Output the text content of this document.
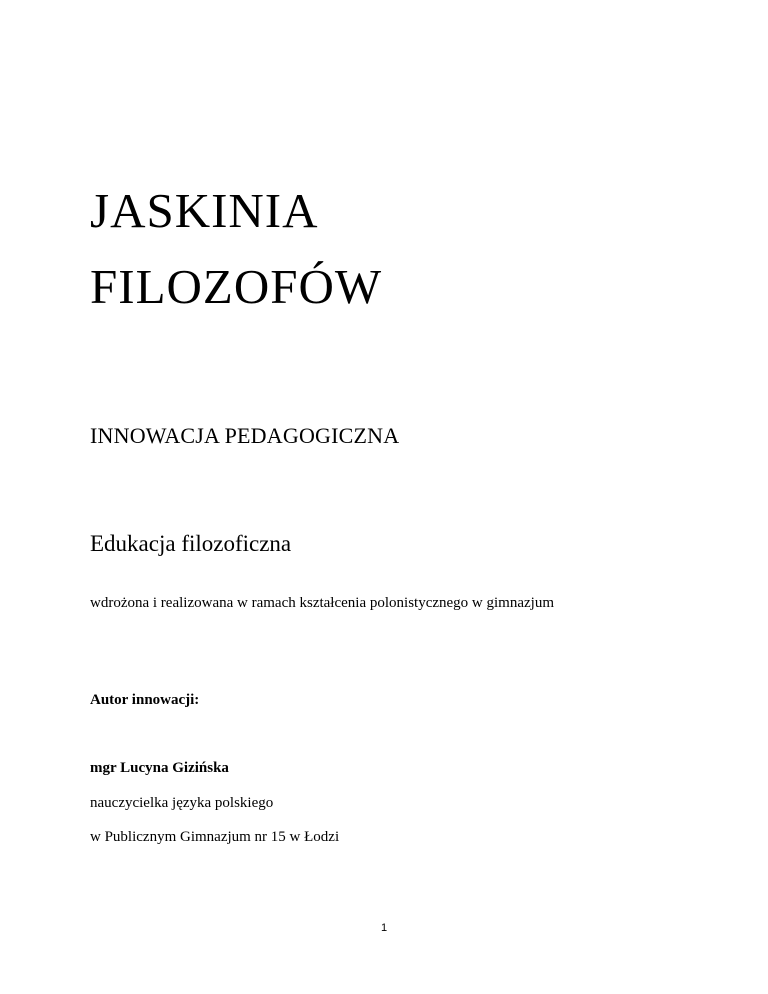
JASKINIA
FILOZOFÓW

INNOWACJA PEDAGOGICZNA

Edukacja filozoficzna

wdrożona i realizowana w ramach kształcenia polonistycznego w gimnazjum

Autor innowacji:

mgr Lucyna Gizińska

nauczycielka języka polskiego

w Publicznym Gimnazjum nr 15 w Łodzi

1
